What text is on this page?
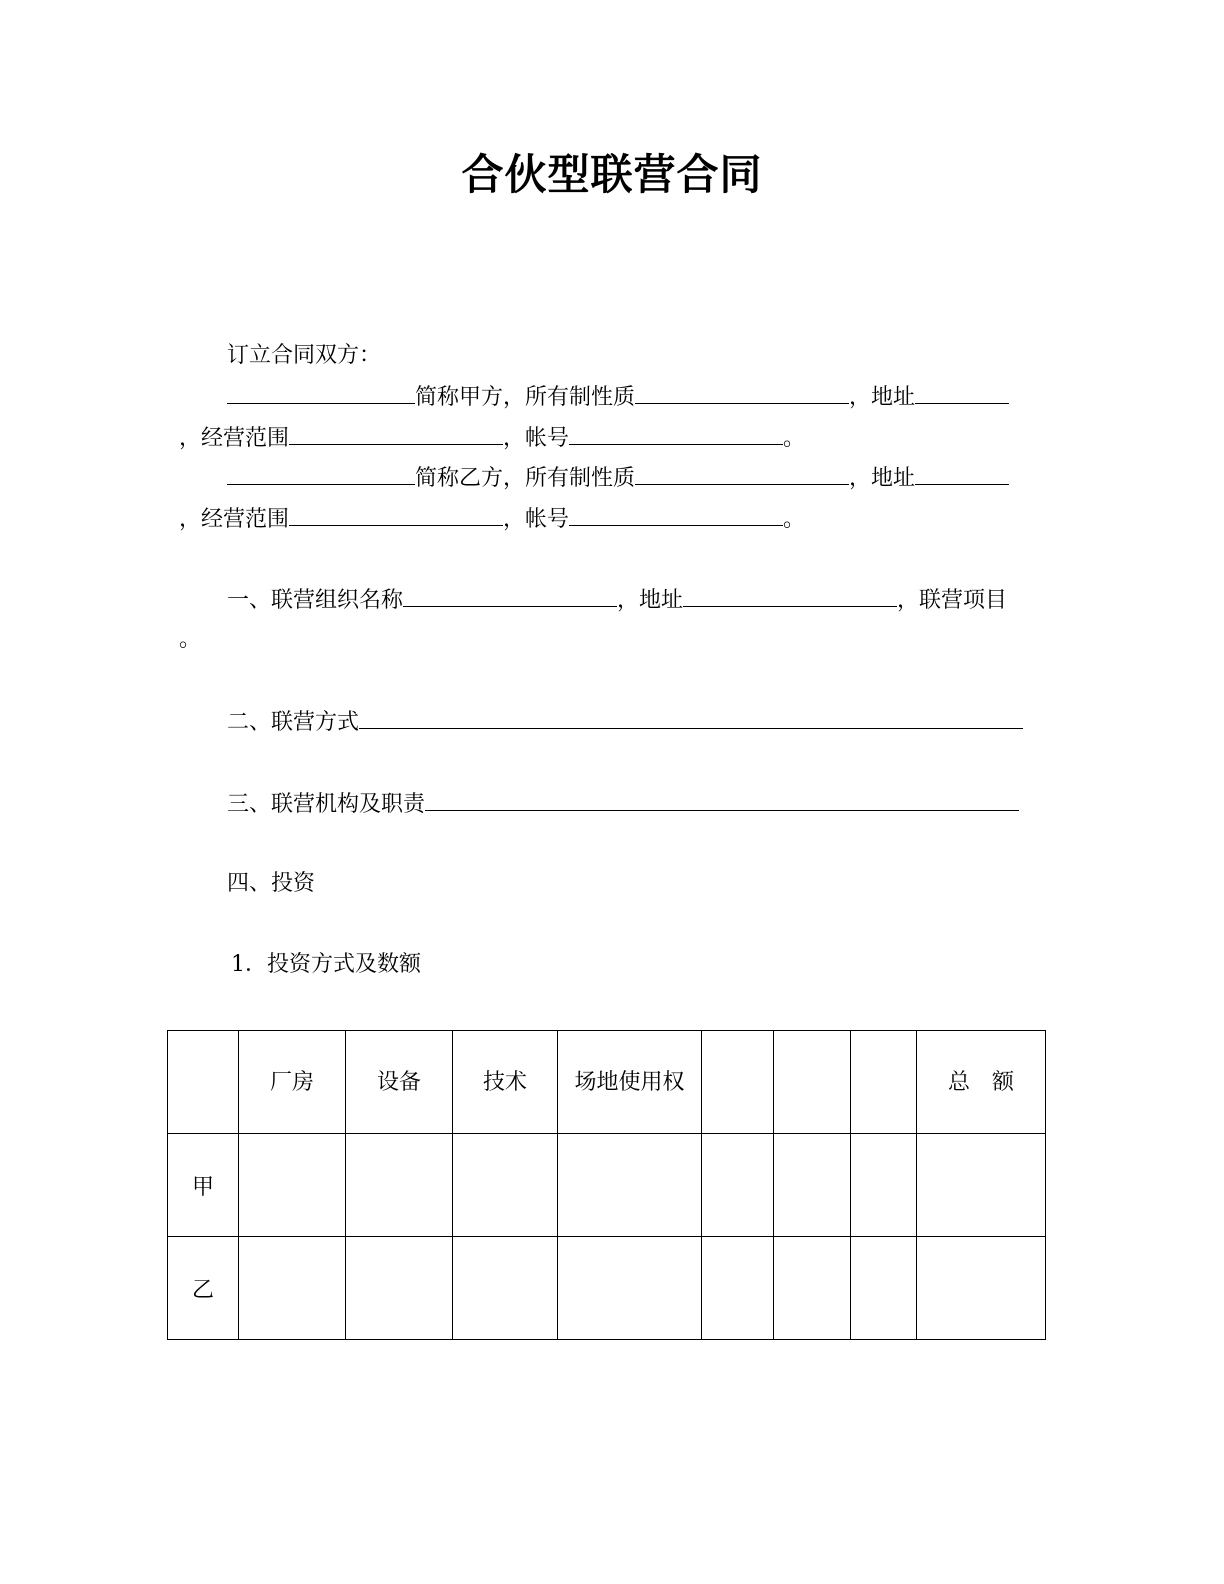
合伙型联营合同
订立合同双方：
简称甲方，所有制性质	，地址
，经营范围	，帐号	。
简称乙方，所有制性质	，地址
，经营范围	，帐号	。
一、联营组织名称	，地址	，联营项目
。
二、联营方式
三、联营机构及职责
四、投资
1．投资方式及数额
	厂房	设备	技术	场地使用权				总　额
甲								
乙								
